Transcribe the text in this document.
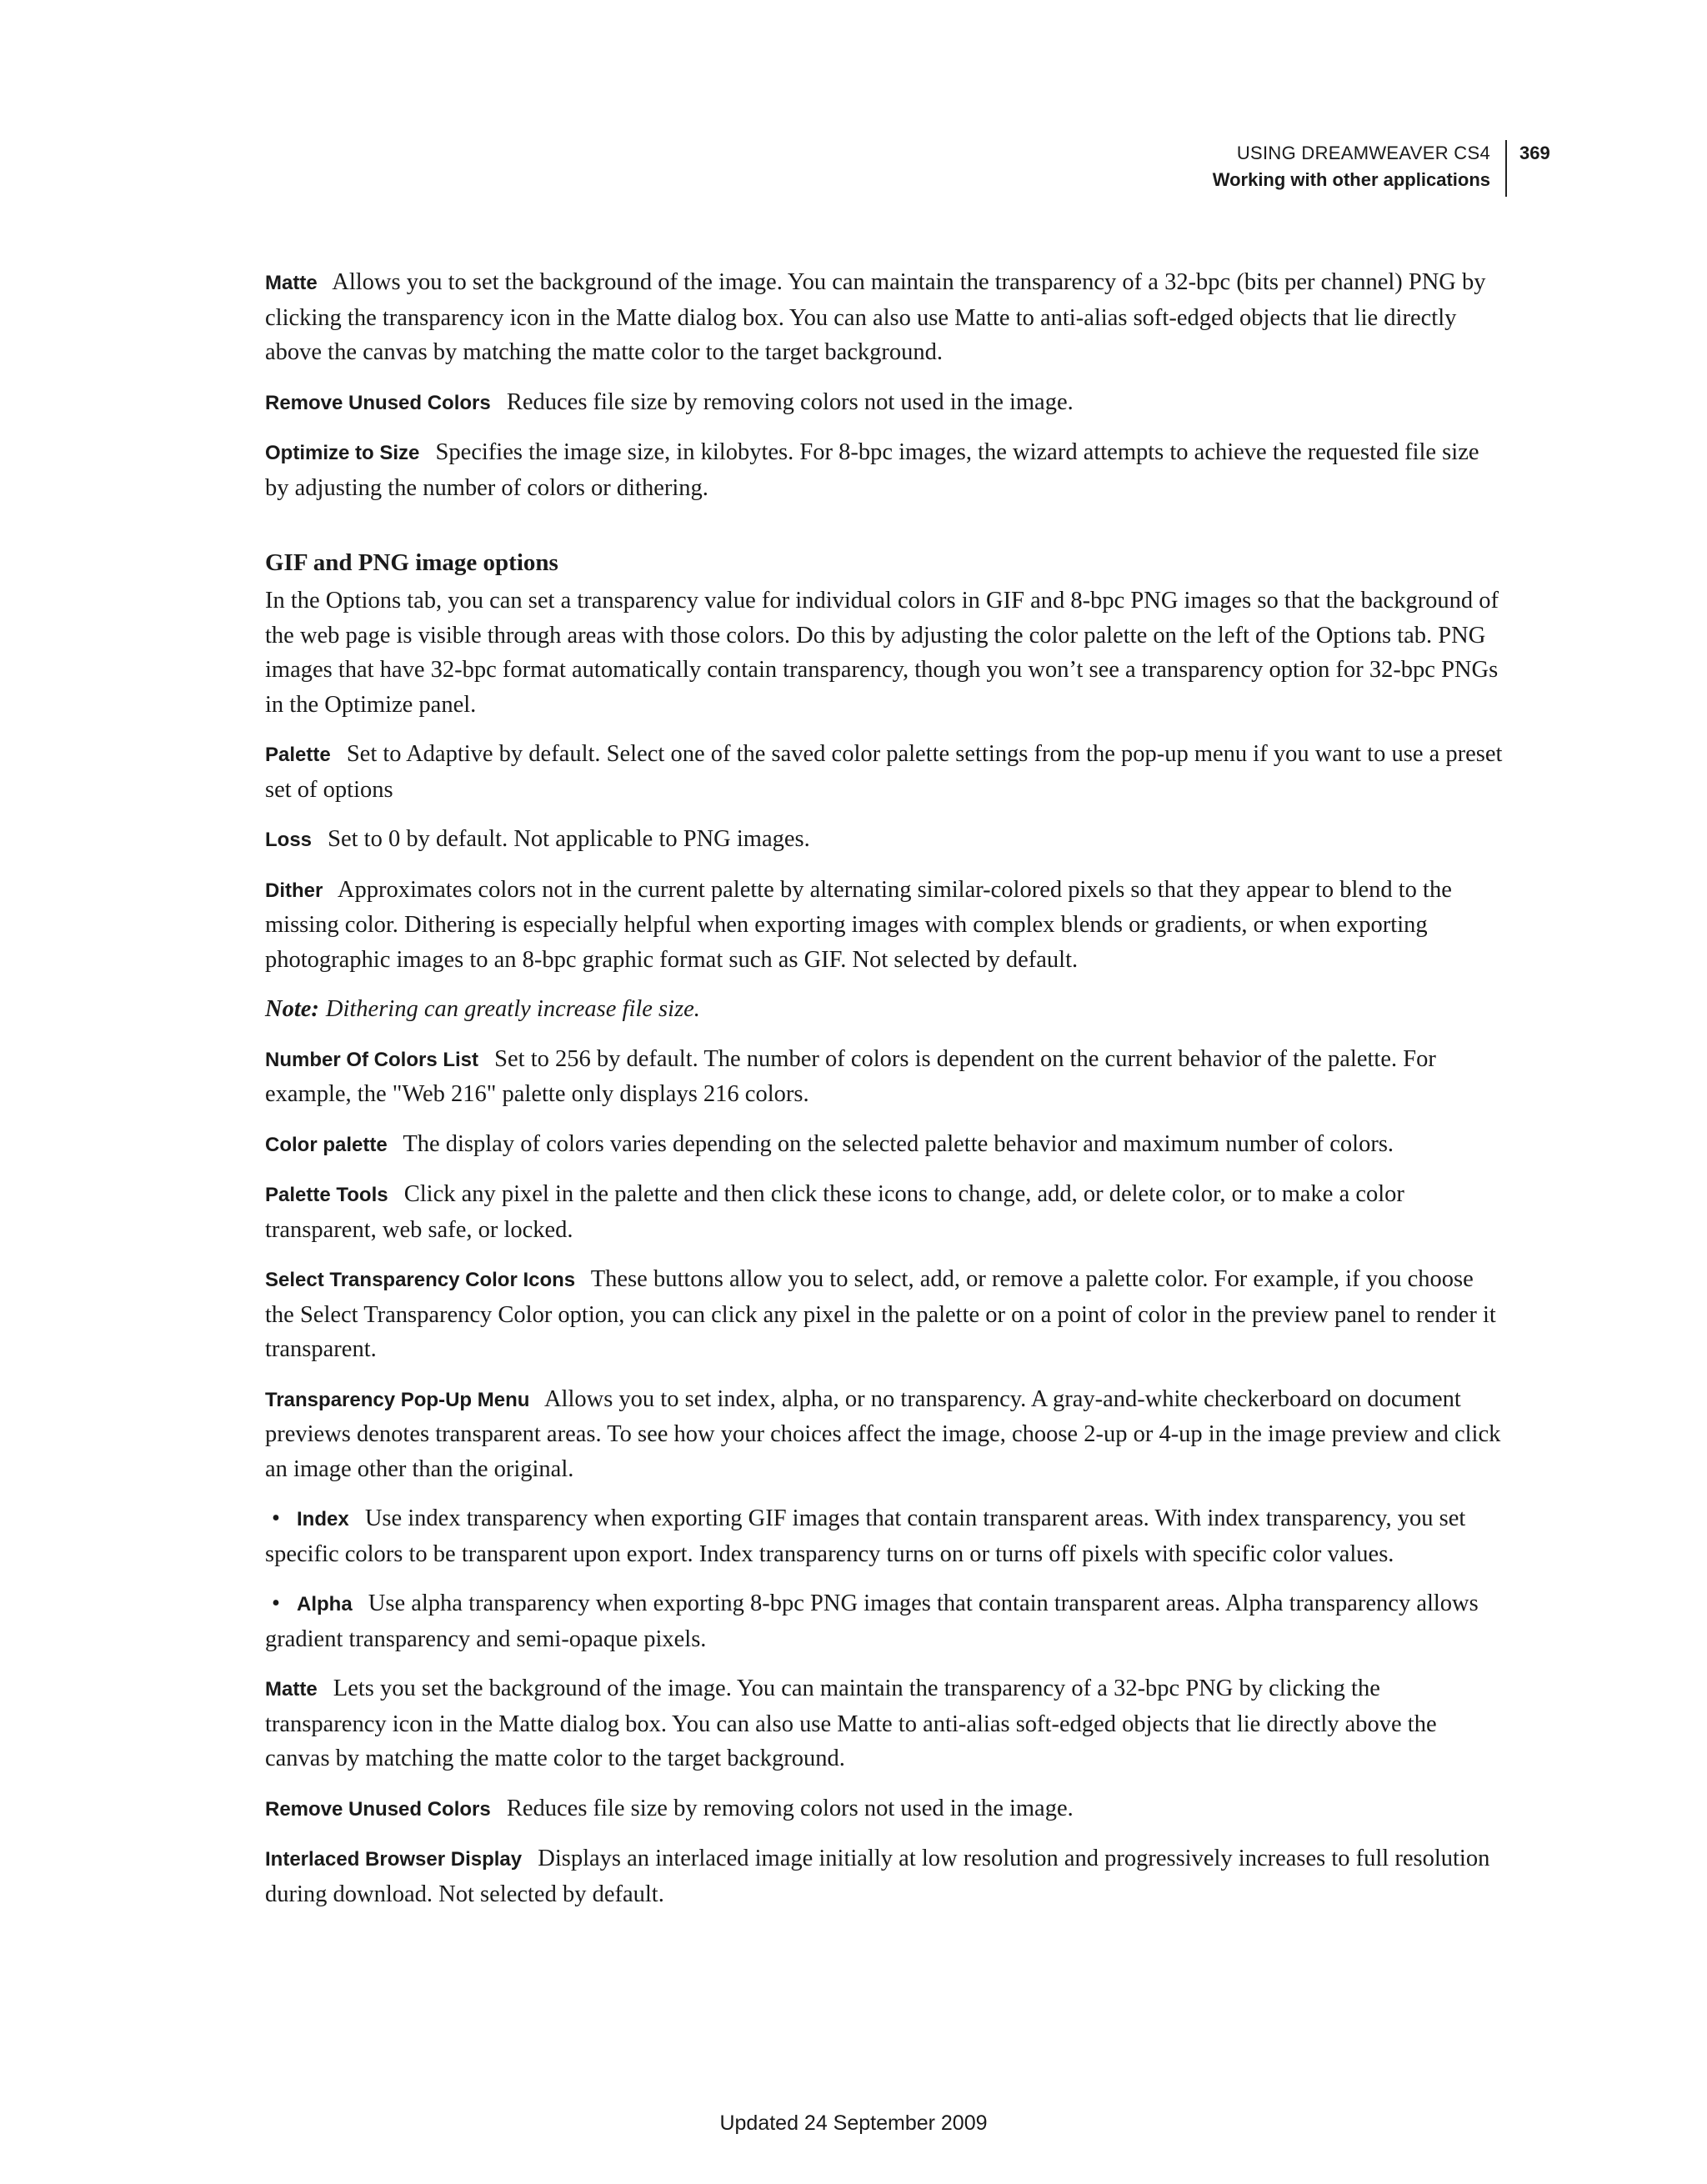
USING DREAMWEAVER CS4
Working with other applications
369

Matte Allows you to set the background of the image. You can maintain the transparency of a 32-bpc (bits per channel) PNG by clicking the transparency icon in the Matte dialog box. You can also use Matte to anti-alias soft-edged objects that lie directly above the canvas by matching the matte color to the target background.

Remove Unused Colors Reduces file size by removing colors not used in the image.

Optimize to Size Specifies the image size, in kilobytes. For 8-bpc images, the wizard attempts to achieve the requested file size by adjusting the number of colors or dithering.

GIF and PNG image options

In the Options tab, you can set a transparency value for individual colors in GIF and 8-bpc PNG images so that the background of the web page is visible through areas with those colors. Do this by adjusting the color palette on the left of the Options tab. PNG images that have 32-bpc format automatically contain transparency, though you won’t see a transparency option for 32-bpc PNGs in the Optimize panel.

Palette Set to Adaptive by default. Select one of the saved color palette settings from the pop-up menu if you want to use a preset set of options

Loss Set to 0 by default. Not applicable to PNG images.

Dither Approximates colors not in the current palette by alternating similar-colored pixels so that they appear to blend to the missing color. Dithering is especially helpful when exporting images with complex blends or gradients, or when exporting photographic images to an 8-bpc graphic format such as GIF. Not selected by default.

Note: Dithering can greatly increase file size.

Number Of Colors List Set to 256 by default. The number of colors is dependent on the current behavior of the palette. For example, the "Web 216" palette only displays 216 colors.

Color palette The display of colors varies depending on the selected palette behavior and maximum number of colors.

Palette Tools Click any pixel in the palette and then click these icons to change, add, or delete color, or to make a color transparent, web safe, or locked.

Select Transparency Color Icons These buttons allow you to select, add, or remove a palette color. For example, if you choose the Select Transparency Color option, you can click any pixel in the palette or on a point of color in the preview panel to render it transparent.

Transparency Pop-Up Menu Allows you to set index, alpha, or no transparency. A gray-and-white checkerboard on document previews denotes transparent areas. To see how your choices affect the image, choose 2-up or 4-up in the image preview and click an image other than the original.

• Index Use index transparency when exporting GIF images that contain transparent areas. With index transparency, you set specific colors to be transparent upon export. Index transparency turns on or turns off pixels with specific color values.

• Alpha Use alpha transparency when exporting 8-bpc PNG images that contain transparent areas. Alpha transparency allows gradient transparency and semi-opaque pixels.

Matte Lets you set the background of the image. You can maintain the transparency of a 32-bpc PNG by clicking the transparency icon in the Matte dialog box. You can also use Matte to anti-alias soft-edged objects that lie directly above the canvas by matching the matte color to the target background.

Remove Unused Colors Reduces file size by removing colors not used in the image.

Interlaced Browser Display Displays an interlaced image initially at low resolution and progressively increases to full resolution during download. Not selected by default.

Updated 24 September 2009
